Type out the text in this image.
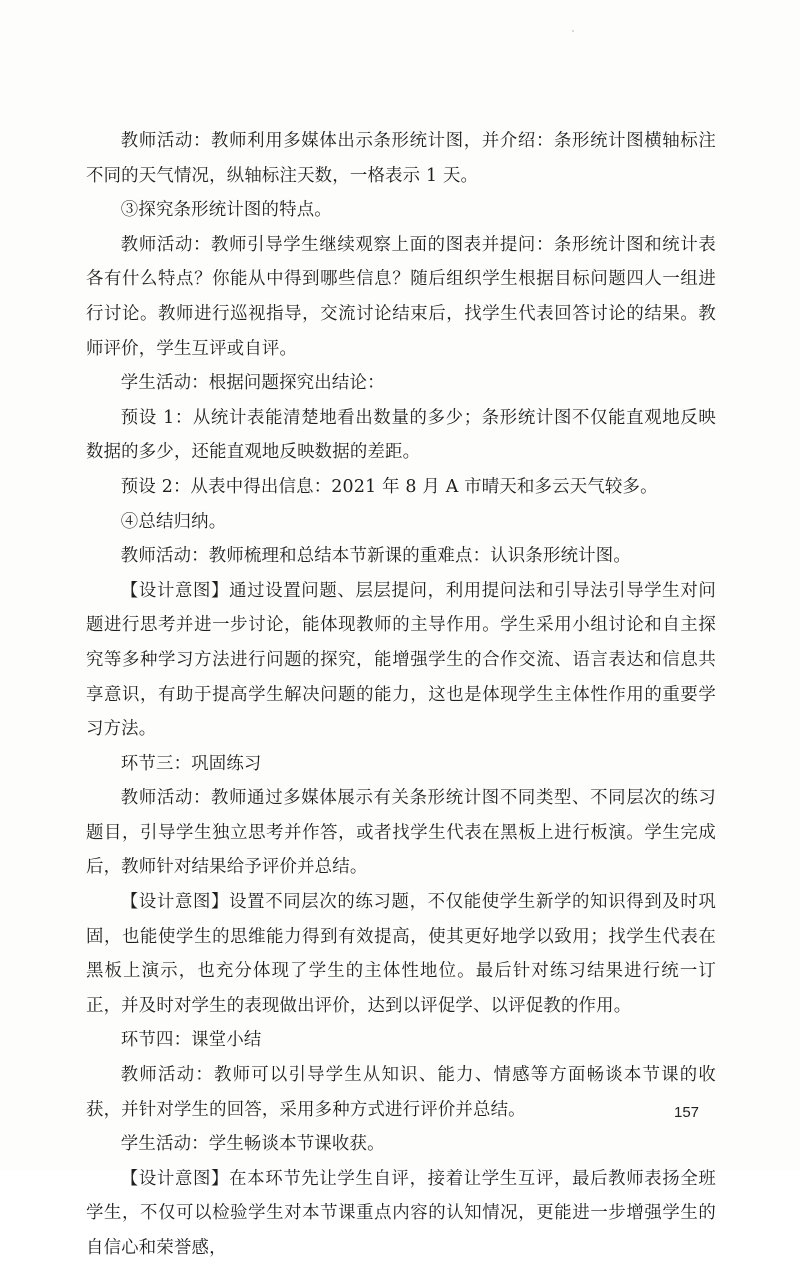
教师活动：教师利用多媒体出示条形统计图，并介绍：条形统计图横轴标注不同的天气情况，纵轴标注天数，一格表示 1 天。

③探究条形统计图的特点。

教师活动：教师引导学生继续观察上面的图表并提问：条形统计图和统计表各有什么特点？你能从中得到哪些信息？随后组织学生根据目标问题四人一组进行讨论。教师进行巡视指导，交流讨论结束后，找学生代表回答讨论的结果。教师评价，学生互评或自评。

学生活动：根据问题探究出结论：

预设 1：从统计表能清楚地看出数量的多少；条形统计图不仅能直观地反映数据的多少，还能直观地反映数据的差距。

预设 2：从表中得出信息：2021 年 8 月 A 市晴天和多云天气较多。

④总结归纳。

教师活动：教师梳理和总结本节新课的重难点：认识条形统计图。

【设计意图】通过设置问题、层层提问，利用提问法和引导法引导学生对问题进行思考并进一步讨论，能体现教师的主导作用。学生采用小组讨论和自主探究等多种学习方法进行问题的探究，能增强学生的合作交流、语言表达和信息共享意识，有助于提高学生解决问题的能力，这也是体现学生主体性作用的重要学习方法。

环节三：巩固练习

教师活动：教师通过多媒体展示有关条形统计图不同类型、不同层次的练习题目，引导学生独立思考并作答，或者找学生代表在黑板上进行板演。学生完成后，教师针对结果给予评价并总结。

【设计意图】设置不同层次的练习题，不仅能使学生新学的知识得到及时巩固，也能使学生的思维能力得到有效提高，使其更好地学以致用；找学生代表在黑板上演示，也充分体现了学生的主体性地位。最后针对练习结果进行统一订正，并及时对学生的表现做出评价，达到以评促学、以评促教的作用。

环节四：课堂小结

教师活动：教师可以引导学生从知识、能力、情感等方面畅谈本节课的收获，并针对学生的回答，采用多种方式进行评价并总结。

学生活动：学生畅谈本节课收获。

【设计意图】在本环节先让学生自评，接着让学生互评，最后教师表扬全班学生，不仅可以检验学生对本节课重点内容的认知情况，更能进一步增强学生的自信心和荣誉感，

157
